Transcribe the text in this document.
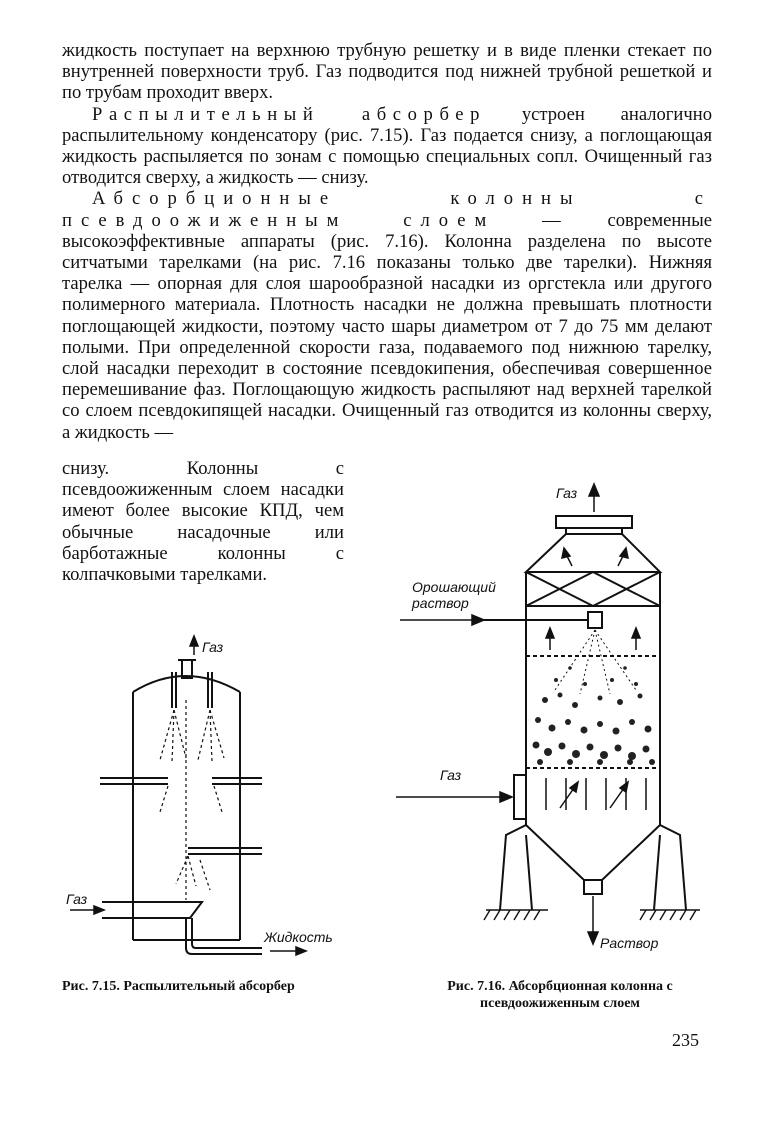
жидкость поступает на верхнюю трубную решетку и в виде пленки стекает по внутренней поверхности труб. Газ подводится под нижней трубной решеткой и по трубам проходит вверх.

Распылительный абсорбер устроен аналогично распылительному конденсатору (рис. 7.15). Газ подается снизу, а поглощающая жидкость распыляется по зонам с помощью специальных сопл. Очищенный газ отводится сверху, а жидкость — снизу.

Абсорбционные колонны с псевдоожиженным слоем — современные высокоэффективные аппараты (рис. 7.16). Колонна разделена по высоте ситчатыми тарелками (на рис. 7.16 показаны только две тарелки). Нижняя тарелка — опорная для слоя шарообразной насадки из оргстекла или другого полимерного материала. Плотность насадки не должна превышать плотности поглощающей жидкости, поэтому часто шары диаметром от 7 до 75 мм делают полыми. При определенной скорости газа, подаваемого под нижнюю тарелку, слой насадки переходит в состояние псевдокипения, обеспечивая совершенное перемешивание фаз. Поглощающую жидкость распыляют над верхней тарелкой со слоем псевдокипящей насадки. Очищенный газ отводится из колонны сверху, а жидкость —

снизу. Колонны с псевдоожиженным слоем насадки имеют более высокие КПД, чем обычные насадочные или барботажные колонны с колпачковыми тарелками.

Газ
Газ
Жидкость
Газ
Орошающий
раствор
Газ
Раствор
Рис. 7.15. Распылительный абсорбер	Рис. 7.16. Абсорбционная колонна с
псевдоожиженным слоем
235
